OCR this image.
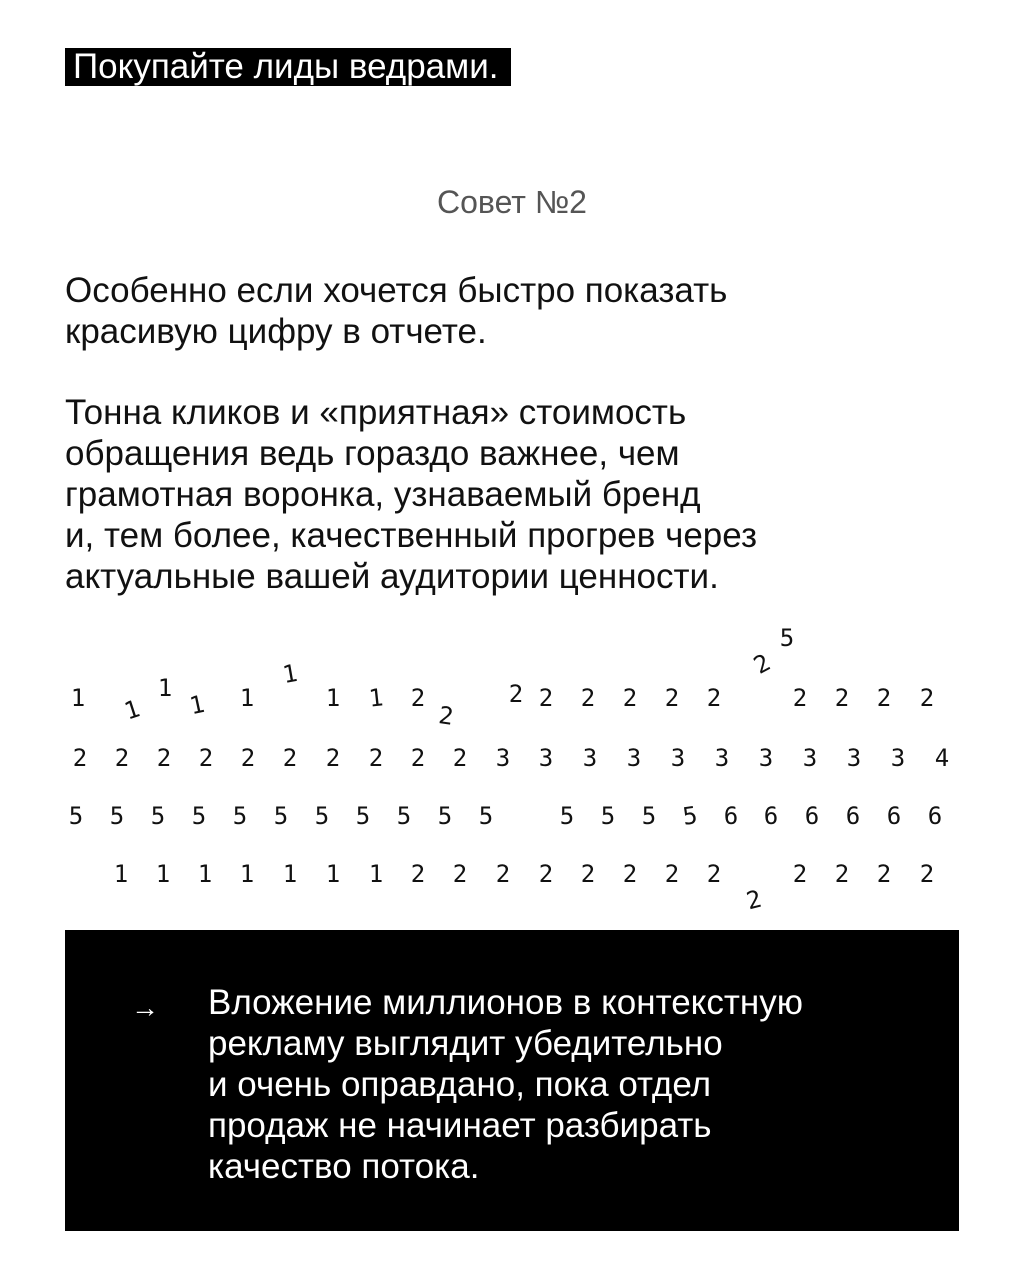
Покупайте лиды ведрами.
Совет №2
Особенно если хочется быстро показать
красивую цифру в отчете.
Тонна кликов и «приятная» стоимость
обращения ведь гораздо важнее, чем
грамотная воронка, узнаваемый бренд
и, тем более, качественный прогрев через
актуальные вашей аудитории ценности.
1 1
1
1 1
1
1 1 2
2
2 2 2 2 2 2
2
5
2 2 2 2
2 2 2 2 2 2 2 2 2 2 3 3 3 3 3 3 3 3 3 3 4
5 5 5 5 5 5 5 5 5 5 5	5 5 5 5 6 6 6 6 6 6
1 1 1 1 1 1 1 2 2 2 2 2 2 2 2
2
2 2 2 2
→ Вложение миллионов в контекстную
рекламу выглядит убедительно
и очень оправдано, пока отдел
продаж не начинает разбирать
качество потока.
